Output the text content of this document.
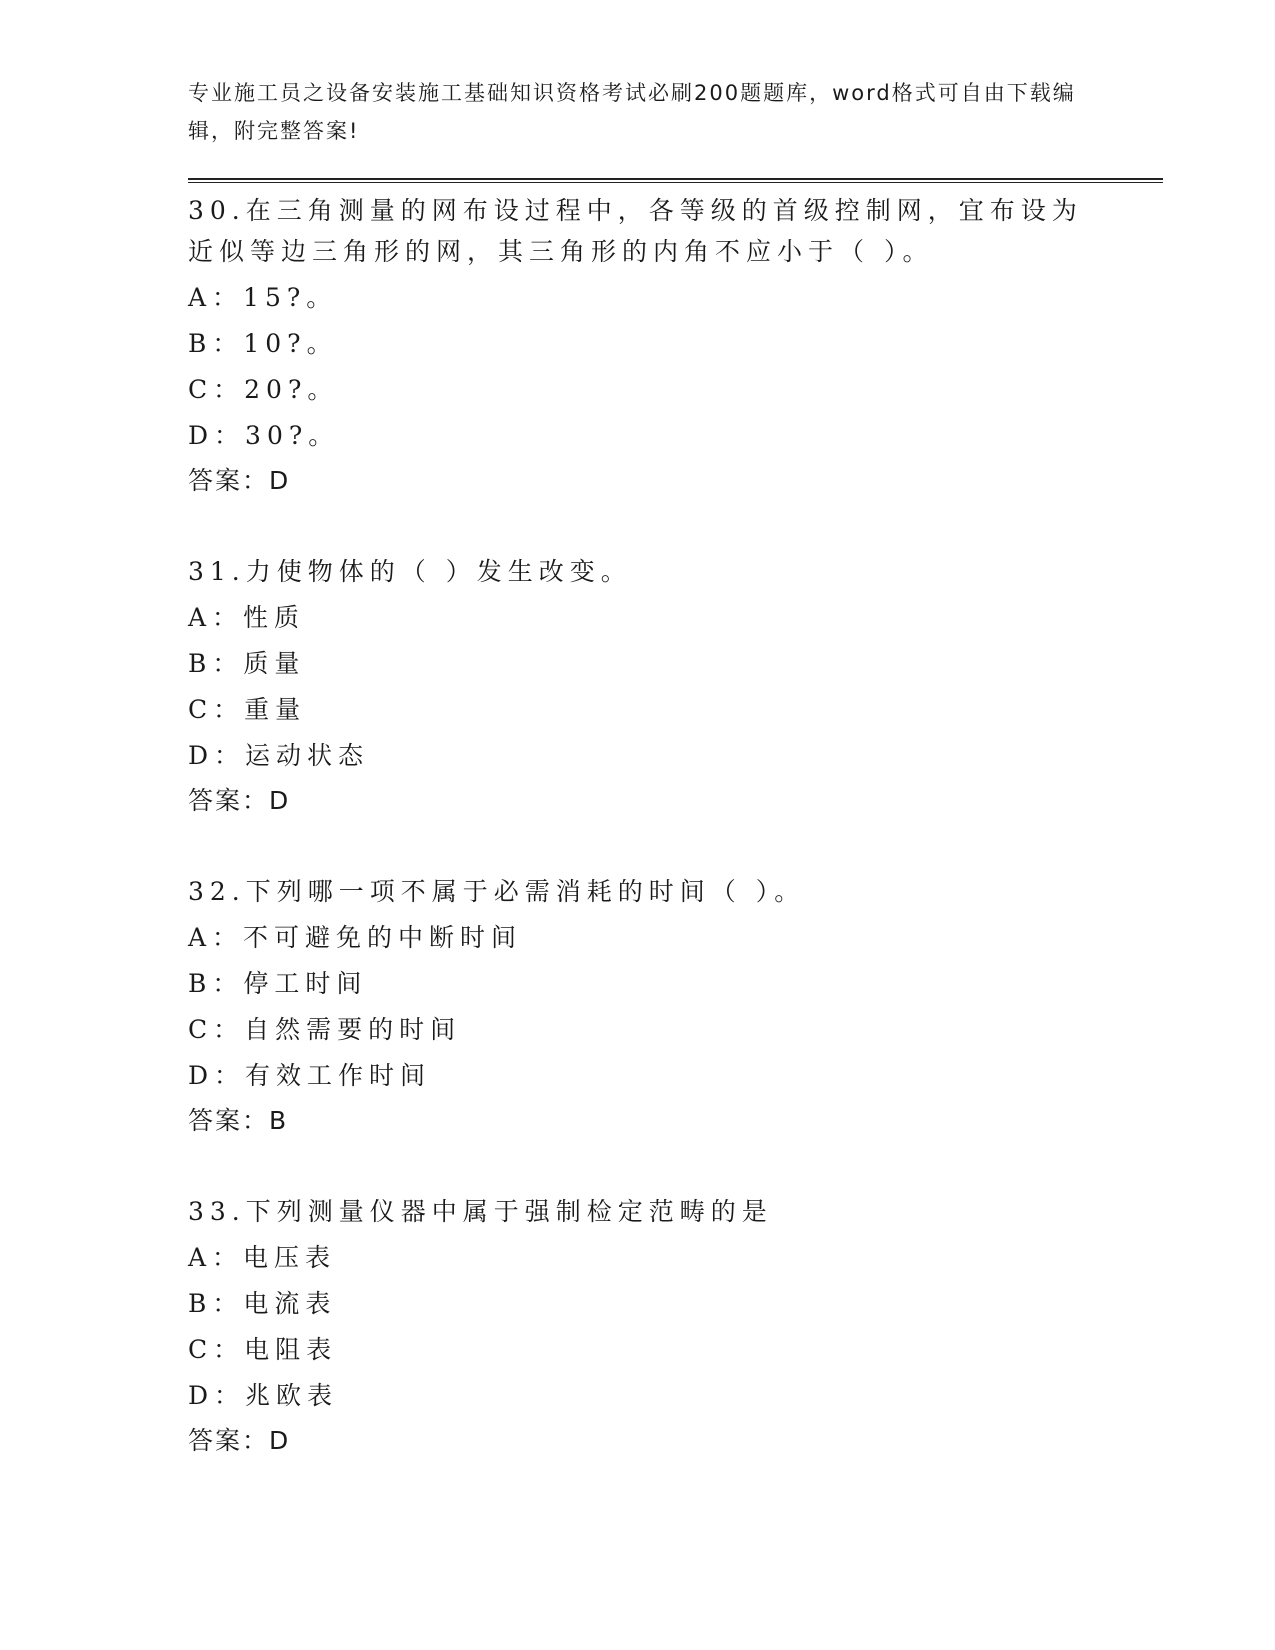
专业施工员之设备安装施工基础知识资格考试必刷200题题库，word格式可自由下载编辑，附完整答案!
30.在三角测量的网布设过程中，各等级的首级控制网，宜布设为近似等边三角形的网，其三角形的内角不应小于（ ）。
A：15?。
B：10?。
C：20?。
D：30?。
答案：D
31.力使物体的（ ）发生改变。
A：性质
B：质量
C：重量
D：运动状态
答案：D
32.下列哪一项不属于必需消耗的时间（ ）。
A：不可避免的中断时间
B：停工时间
C：自然需要的时间
D：有效工作时间
答案：B
33.下列测量仪器中属于强制检定范畴的是
A：电压表
B：电流表
C：电阻表
D：兆欧表
答案：D
